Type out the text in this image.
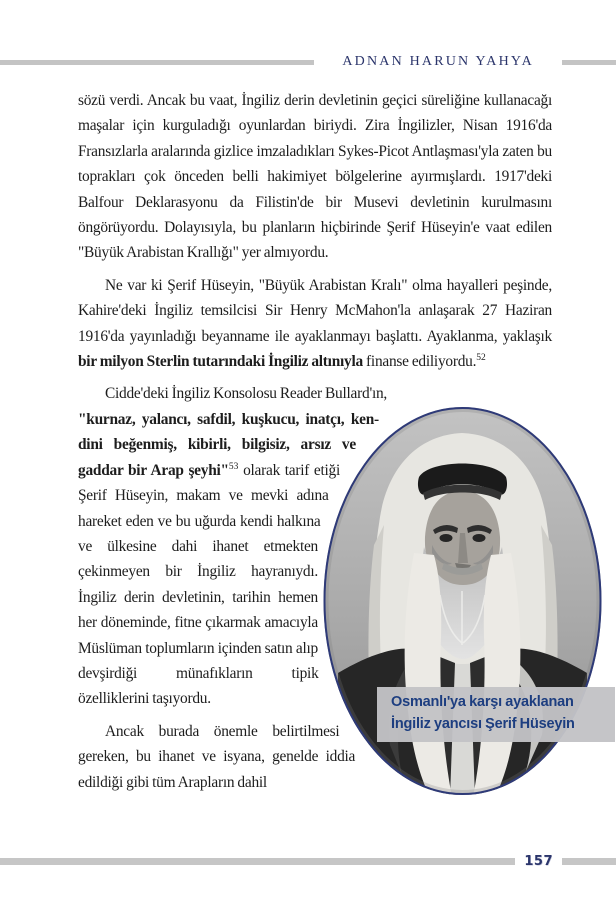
ADNAN HARUN YAHYA

sözü verdi. Ancak bu vaat, İngiliz derin devletinin geçici süreliğine kullanacağı maşalar için kurguladığı oyunlardan biriydi. Zira İngilizler, Nisan 1916'da Fransızlarla aralarında gizlice imzaladıkları Sykes-Picot Antlaşması'yla zaten bu toprakları çok önceden belli hakimiyet bölgelerine ayırmışlardı. 1917'deki Balfour Deklarasyonu da Filistin'de bir Musevi devletinin kurulmasını öngörüyordu. Dolayısıyla, bu planların hiçbirinde Şerif Hüseyin'e vaat edilen "Büyük Arabistan Krallığı" yer almıyordu.

Ne var ki Şerif Hüseyin, "Büyük Arabistan Kralı" olma hayalleri peşinde, Kahire'deki İngiliz temsilcisi Sir Henry McMahon'la anlaşarak 27 Haziran 1916'da yayınladığı beyanname ile ayaklanmayı başlattı. Ayaklanma, yaklaşık bir milyon Sterlin tutarındaki İngiliz altınıyla finanse ediliyordu.$^{52}$

Osmanlı'ya karşı ayaklanan
İngiliz yancısı Şerif Hüseyin

Cidde'deki İngiliz Konsolosu Reader Bullard'ın,
"kurnaz, yalancı, safdil, kuşkucu, inatçı, kendini beğenmiş, kibirli, bilgisiz, arsız ve gaddar bir Arap şeyhi"$^{53}$ olarak tarif etiği Şerif Hüseyin, makam ve mevki adına hareket eden ve bu uğurda kendi halkına ve ülkesine dahi ihanet etmekten çekinmeyen bir İngiliz hayranıydı. İngiliz derin devletinin, tarihin hemen her döneminde, fitne çıkarmak amacıyla Müslüman toplumların içinden satın alıp devşirdiği münafıkların tipik özelliklerini taşıyordu.

Ancak burada önemle belirtilmesi gereken, bu ihanet ve isyana, genelde iddia edildiği gibi tüm Arapların dahil

157
